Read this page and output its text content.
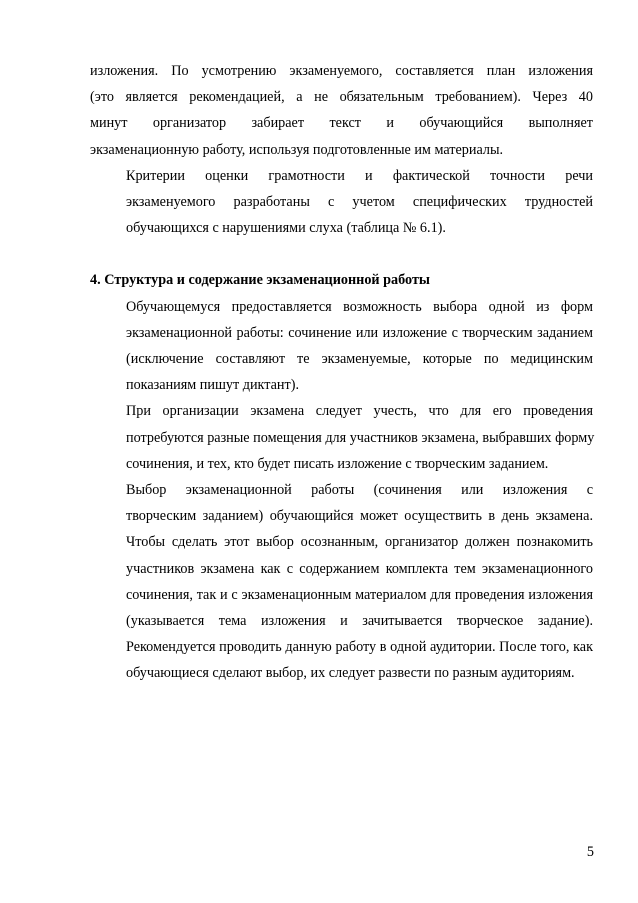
изложения. По усмотрению экзаменуемого, составляется план изложения
(это является рекомендацией, а не обязательным требованием). Через 40
минут организатор забирает текст и обучающийся выполняет
экзаменационную работу, используя подготовленные им материалы.

Критерии оценки грамотности и фактической точности речи
экзаменуемого разработаны с учетом специфических трудностей
обучающихся с нарушениями слуха (таблица № 6.1).

4. Структура и содержание экзаменационной работы

Обучающемуся предоставляется возможность выбора одной из форм
экзаменационной работы: сочинение или изложение с творческим заданием
(исключение составляют те экзаменуемые, которые по медицинским
показаниям пишут диктант).

При организации экзамена следует учесть, что для его проведения
потребуются разные помещения для участников экзамена, выбравших форму
сочинения, и тех, кто будет писать изложение с творческим заданием.

Выбор экзаменационной работы (сочинения или изложения с
творческим заданием) обучающийся может осуществить в день экзамена.
Чтобы сделать этот выбор осознанным, организатор должен познакомить
участников экзамена как с содержанием комплекта тем экзаменационного
сочинения, так и с экзаменационным материалом для проведения изложения
(указывается тема изложения и зачитывается творческое задание).
Рекомендуется проводить данную работу в одной аудитории. После того, как
обучающиеся сделают выбор, их следует развести по разным аудиториям.

5
